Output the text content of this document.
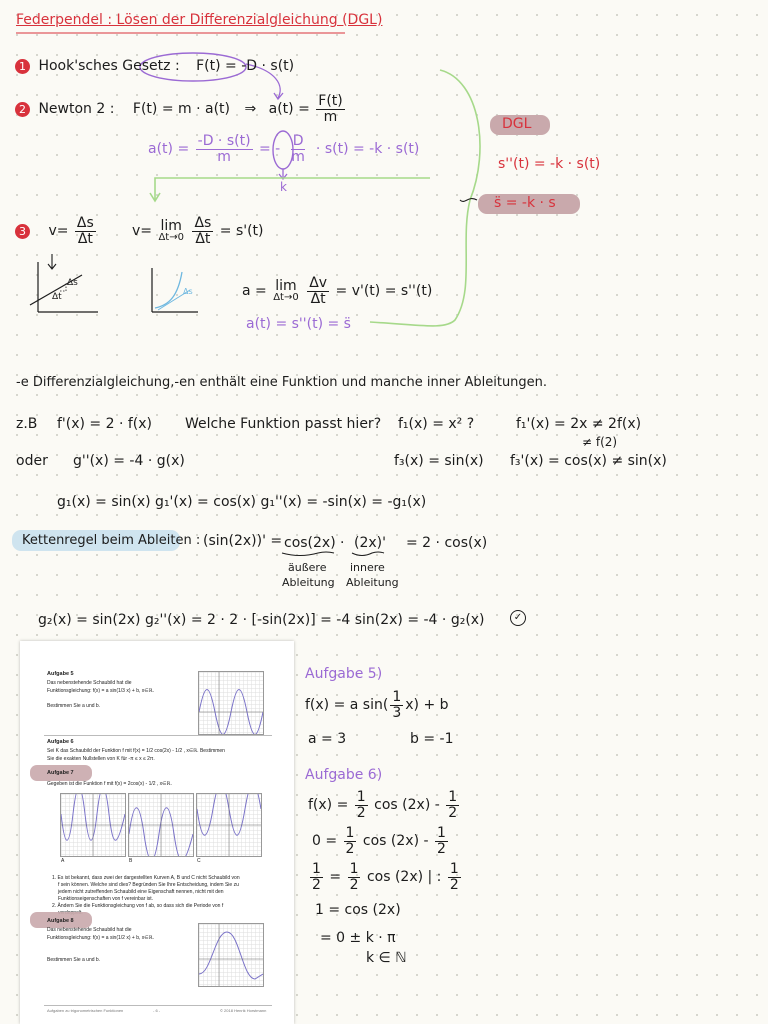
Federpendel : Lösen der Differenzialgleichung (DGL)
1 Hook'sches Gesetz : F(t) = -D · s(t)
2 Newton 2 : F(t) = m · a(t) ⇒ $a(t) = \frac{F(t)}{m}$
$a(t) = \frac{-D \cdot s(t)}{m}$ = - $\frac{D}{m} \cdot s(t) = -k \cdot s(t)$
k
DGL
s''(t) = -k · s(t)
s̈ = -k · s
3 $v= \frac{\Delta s}{\Delta t}$	v= lim
Δt→0
$\frac{\Delta s}{\Delta t} = s'(t)$
Δs
Δt
Δs	a = lim
Δt→0
$\frac{\Delta v}{\Delta t} = v'(t) = s''(t)$
a(t) = s''(t) = s̈
-e Differenzialgleichung,-en enthält eine Funktion und manche inner Ableitungen.
z.B f'(x) = 2 · f(x) Welche Funktion passt hier? f₁(x) = x² ?	f₁'(x) = 2x ≠ 2f(x)
≠ f(2)
oder g''(x) = -4 · g(x)	f₃(x) = sin(x) f₃'(x) = cos(x) ≠ sin(x)
g₁(x) = sin(x) g₁'(x) = cos(x) g₁''(x) = -sin(x) = -g₁(x)
Kettenregel beim Ableiten : (sin(2x))' = cos(2x) · (2x)' = 2 · cos(x)
äußere
Ableitung
innere
Ableitung
g₂(x) = sin(2x) g₂''(x) = 2 · 2 · [-sin(2x)] = -4 sin(2x) = -4 · g₂(x)	✓
Aufgabe 5
Das nebenstehende Schaubild hat die
Funktionsgleichung: f(x) = a sin(1/3 x) + b, x∈ℝ.
Bestimmen Sie a und b.
Aufgabe 6
Sei K das Schaubild der Funktion f mit f(x) = 1/2 cos(2x) - 1/2 , x∈ℝ. Bestimmen
Sie die exakten Nullstellen von K für -π ≤ x ≤ 2π.
Aufgabe 7
Gegeben ist die Funktion f mit f(x) = 2cos(x) - 1/2 , x∈ℝ.
A	B	C
1. Es ist bekannt, dass zwei der dargestellten Kurven A, B und C nicht Schaubild von
f sein können. Welche sind dies? Begründen Sie Ihre Entscheidung, indem Sie zu
jedem nicht zutreffenden Schaubild eine Eigenschaft nennen, nicht mit den
Funktionseigenschaften von f vereinbar ist.
2. Ändern Sie die Funktionsgleichung von f ab, so dass sich die Periode von f
Aufgabe 8
Das nebenstehende Schaubild hat die
Funktionsgleichung: f(x) = a sin(1/2 x) + b, x∈ℝ.
Bestimmen Sie a und b.
Aufgaben zu trigonometrischen Funktionen	- 6 -	© 2018 Henrik Horstmann
Aufgabe 5)
f(x) = a $\sin( \frac{1}{3} x) + b$
a = 3	b = -1
Aufgabe 6)
$f(x) = \frac{1}{2}$ $\cos (2x) - \frac{1}{2}$
$0 = \frac{1}{2}$ $\cos (2x) - \frac{1}{2}$
$\frac{1}{2} = \frac{1}{2}$ cos (2x) | : $\frac{1}{2}$
1 = cos (2x)
= 0 ± k · π
k ∈ ℕ
